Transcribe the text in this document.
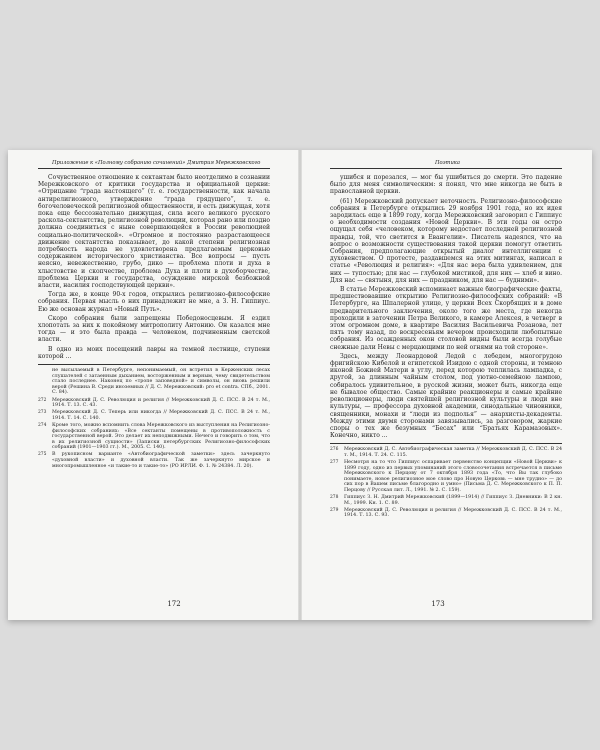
Приложение к «Полному собранию сочинений» Дмитрия Мережковского

Сочувственное отношение к сектантам было неотделимо в сознании Мережковского от критики государства и официальной церкви: «Отрицание “града настоящего” (т. е. государственности, как начала антирелигиозного, утверждение “града грядущего”, т. е. богочеловеческой религиозной общественности, и есть движущая, хотя пока еще бессознательно движущая, сила всего великого русского раскола-сектантства, религиозной революции, которая рано или поздно должна соединиться с ныне совершающейся в России революцией социально-политической». «Огромное и постоянно разрастающееся движение сектантства показывает, до какой степени религиозная потребность народа не удовлетворена предлагаемым церковью содержанием исторического христианства. Все вопросы — пусть неясно, невежественно, грубо, дико — проблема плоти и духа в хлыстовстве и скопчестве, проблема Духа и плоти в духоборчестве, проблема Церкви и государства, осуждение мирской безбожной власти, насилия господствующей церкви».

Тогда же, в конце 90-х годов, открылись религиозно-философские собрания. Первая мысль о них принадлежит не мне, а З. Н. Гиппиус. Ею же основан журнал «Новый Путь».

Скоро собрания были запрещены Победоносцевым. Я ездил хлопотать за них к покойному митрополиту Антонию. Он казался мне тогда — и это была правда — человеком, подчиненным светской власти.

В одно из моих посещений лавры на темной лестнице, ступени которой ...

не высылаемый в Петербурге, непонимаемый, он встретил в Керженских лесах слушателей с затаенным дыханием, восторженным и верным, чему свидетельством стало последнее. Наконец по «тропе заповедной» и символы, он вновь решили верой (Решина В. Среди иноземных // Д. С. Мережковский: pro et contra. СПб., 2001. С. 84).
272	Мережковский Д. С. Революция и религия // Мережковский Д. С. ПСС. В 24 т. М., 1914. Т. 13. С. 43.
273	Мережковский Д. С. Теперь или никогда // Мережковский Д. С. ПСС. В 24 т. М., 1914. Т. 14. С. 140.
274	Кроме того, можно вспомнить слова Мережковского из выступления на Религиозно-философских собраниях: «Все сектанты помещены в противоположность с государственной верой. Это делает их неподвижными. Нечего и говорить о том, что в их религиозной сущности» (Записки петербургских Религиозно-философских собраний (1901—1903 гг.). М., 2005. С. 140).
275	В рукописном варианте «Автобиографической заметки» здесь зачеркнуто «духовной власти» и духовной власти. Так же зачеркнуто мирское и многопромышленное «и такие-то и такие-то» (PO ИРЛИ. Ф. 1. № 24384. Л. 20).
172
Поэтика

ушибся и порезался, — мог бы ушибиться до смерти. Это падение было для меня символическим: я понял, что мне никогда не быть в православной церкви.

(61) Мережковский допускает неточность. Религиозно-философские собрания в Петербурге открылись 29 ноября 1901 года, но их идея зародилась еще в 1899 году, когда Мережковский заговорил с Гиппиус о необходимости создания «Новой Церкви». В эти годы он остро ощущал себя «человеком, которому недостает последней религиозной правды, той, что светится в Евангелии». Писатель надеялся, что на вопрос о возможности существования такой церкви помогут ответить Собрания, предполагающие открытый диалог интеллигенции с духовенством. О протесте, раздавшемся на этих митингах, написал в статье «Революция и религия»: «Для нас вера была удивлением, для них — тупостью; для нас — глубокой мистикой, для них — хлеб и вино. Для нас — святыня, для них — праздником, для нас — будними».

В статье Мережковский вспоминает важные биографические факты, предшествовавшие открытию Религиозно-философских собраний: «В Петербурге, на Шпалерной улице, у церкви Всех Скорбящих и в доме предварительного заключения, около того же места, где некогда проходили в заточении Петра Великого, в камере Алексея, в четверг в этом огромном доме, в квартире Василия Васильевича Розанова, лет пять тому назад, по воскресеньям вечером происходили любопытные собрания. Из осажденных окон столовой видны были всегда голубые снежные дали Невы с мерцающими по ней огнями на той стороне».

Здесь, между Леонардовой Ледой с лебедем, многогрудою фригийскою Кибелой и египетской Изидою с одной стороны, и темною иконой Божией Матери в углу, перед которою теплилась лампадка, с другой, за длинным чайным столом, под уютно-семейною лампою, собиралось удивительное, в русской жизни, может быть, никогда еще не бывалое общество. Самые крайние реакционеры и самые крайние революционеры, люди святейшей религиозной культуры и люди вне культуры, — профессора духовной академии, синодальные чиновники, священники, монахи и “люди из подполья” — анархисты-декаденты. Между этими двумя сторонами завязывались, за разговором, жаркие споры о тех же безумных “Бесах” или “Братьях Карамазовых». Конечно, никто ...

276	Мережковский Д. С. Автобиографическая заметка // Мережковский Д. С. ПСС. В 24 т. М., 1914. Т. 24. С. 115.
277	Несмотря на то что Гиппиус оспаривает первенство концепции «Новой Церкви» к 1899 году, одно из первых упоминаний этого словосочетания встречается в письме Мережковского к Перцову от 7 октября 1893 года «То, что Вы так глубоко понимаете, новое религиозное мое слово про Новую Церковь — мне трудно» — до сих пор в Вашем письме благородно и умно» (Письма Д. С. Мережковского к П. П. Перцову // Русская лит. Л., 1991. № 2. С. 159).
278	Гиппиус З. Н. Дмитрий Мережковский (1899—1914) // Гиппиус З. Дневники: В 2 кн. М., 1999. Кн. 1. С. 89.
279	Мережковский Д. С. Революция и религия // Мережковский Д. С. ПСС. В 24 т. М., 1914. Т. 13. С. 93.
173
